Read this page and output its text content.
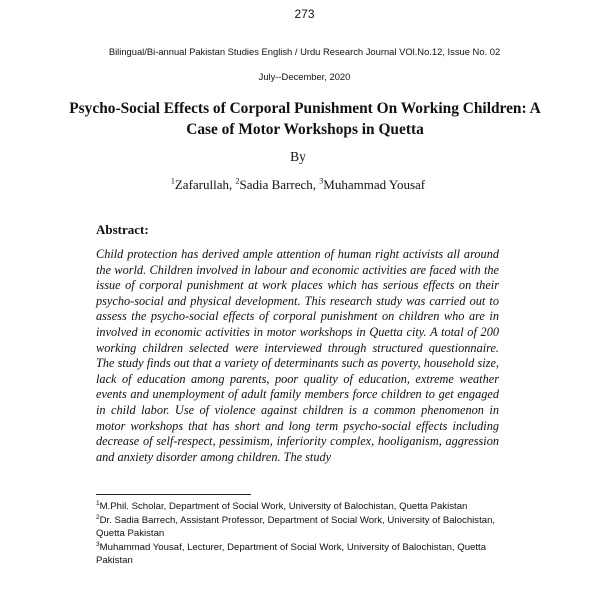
273
Bilingual/Bi-annual Pakistan Studies English / Urdu Research Journal VOl.No.12, Issue No. 02
July--December, 2020
Psycho-Social Effects of Corporal Punishment On Working Children: A Case of Motor Workshops in Quetta
By
$^1$Zafarullah, $^2$Sadia Barrech, $^3$Muhammad Yousaf
Abstract:

Child protection has derived ample attention of human right activists all around the world. Children involved in labour and economic activities are faced with the issue of corporal punishment at work places which has serious effects on their psycho-social and physical development. This research study was carried out to assess the psycho-social effects of corporal punishment on children who are in involved in economic activities in motor workshops in Quetta city. A total of 200 working children selected were interviewed through structured questionnaire. The study finds out that a variety of determinants such as poverty, household size, lack of education among parents, poor quality of education, extreme weather events and unemployment of adult family members force children to get engaged in child labor. Use of violence against children is a common phenomenon in motor workshops that has short and long term psycho-social effects including decrease of self-respect, pessimism, inferiority complex, hooliganism, aggression and anxiety disorder among children. The study

$^1$M.Phil. Scholar, Department of Social Work, University of Balochistan, Quetta Pakistan

$^2$Dr. Sadia Barrech, Assistant Professor, Department of Social Work, University of Balochistan, Quetta Pakistan

$^3$Muhammad Yousaf, Lecturer, Department of Social Work, University of Balochistan, Quetta Pakistan
